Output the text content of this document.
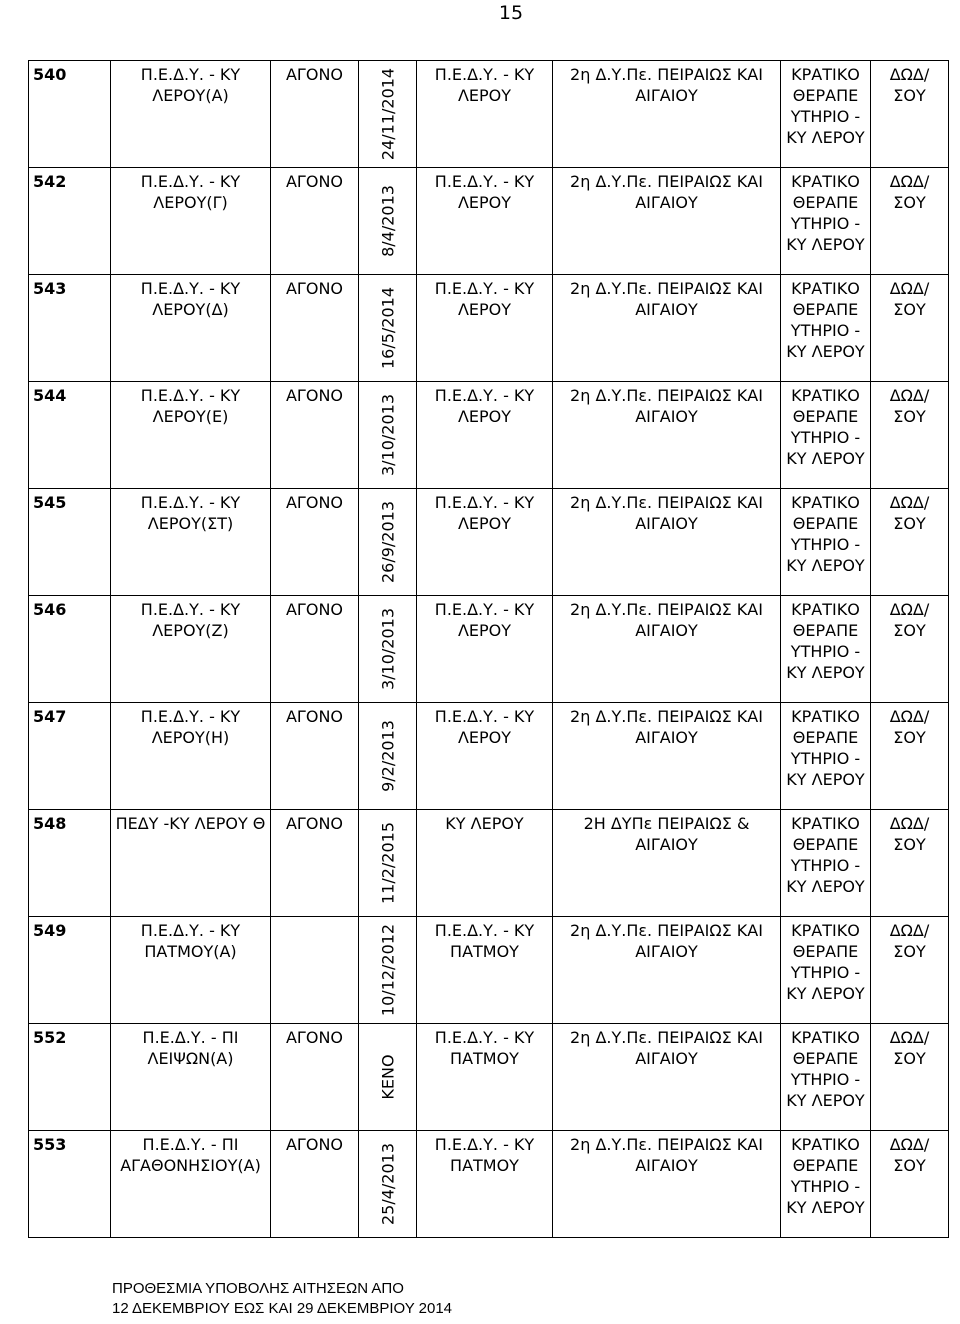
15
540	Π.Ε.Δ.Υ. - ΚΥ ΛΕΡΟΥ(Α)	ΑΓΟΝΟ	24/11/2014	Π.Ε.Δ.Υ. - ΚΥ ΛΕΡΟΥ	2η Δ.Υ.Πε. ΠΕΙΡΑΙΩΣ ΚΑΙ ΑΙΓΑΙΟΥ	ΚΡΑΤΙΚΟ ΘΕΡΑΠΕ ΥΤΗΡΙΟ - ΚΥ ΛΕΡΟΥ	ΔΩΔ/ΣΟΥ
542	Π.Ε.Δ.Υ. - ΚΥ ΛΕΡΟΥ(Γ)	ΑΓΟΝΟ	8/4/2013	Π.Ε.Δ.Υ. - ΚΥ ΛΕΡΟΥ	2η Δ.Υ.Πε. ΠΕΙΡΑΙΩΣ ΚΑΙ ΑΙΓΑΙΟΥ	ΚΡΑΤΙΚΟ ΘΕΡΑΠΕ ΥΤΗΡΙΟ - ΚΥ ΛΕΡΟΥ	ΔΩΔ/ΣΟΥ
543	Π.Ε.Δ.Υ. - ΚΥ ΛΕΡΟΥ(Δ)	ΑΓΟΝΟ	16/5/2014	Π.Ε.Δ.Υ. - ΚΥ ΛΕΡΟΥ	2η Δ.Υ.Πε. ΠΕΙΡΑΙΩΣ ΚΑΙ ΑΙΓΑΙΟΥ	ΚΡΑΤΙΚΟ ΘΕΡΑΠΕ ΥΤΗΡΙΟ - ΚΥ ΛΕΡΟΥ	ΔΩΔ/ΣΟΥ
544	Π.Ε.Δ.Υ. - ΚΥ ΛΕΡΟΥ(Ε)	ΑΓΟΝΟ	3/10/2013	Π.Ε.Δ.Υ. - ΚΥ ΛΕΡΟΥ	2η Δ.Υ.Πε. ΠΕΙΡΑΙΩΣ ΚΑΙ ΑΙΓΑΙΟΥ	ΚΡΑΤΙΚΟ ΘΕΡΑΠΕ ΥΤΗΡΙΟ - ΚΥ ΛΕΡΟΥ	ΔΩΔ/ΣΟΥ
545	Π.Ε.Δ.Υ. - ΚΥ ΛΕΡΟΥ(ΣΤ)	ΑΓΟΝΟ	26/9/2013	Π.Ε.Δ.Υ. - ΚΥ ΛΕΡΟΥ	2η Δ.Υ.Πε. ΠΕΙΡΑΙΩΣ ΚΑΙ ΑΙΓΑΙΟΥ	ΚΡΑΤΙΚΟ ΘΕΡΑΠΕ ΥΤΗΡΙΟ - ΚΥ ΛΕΡΟΥ	ΔΩΔ/ΣΟΥ
546	Π.Ε.Δ.Υ. - ΚΥ ΛΕΡΟΥ(Ζ)	ΑΓΟΝΟ	3/10/2013	Π.Ε.Δ.Υ. - ΚΥ ΛΕΡΟΥ	2η Δ.Υ.Πε. ΠΕΙΡΑΙΩΣ ΚΑΙ ΑΙΓΑΙΟΥ	ΚΡΑΤΙΚΟ ΘΕΡΑΠΕ ΥΤΗΡΙΟ - ΚΥ ΛΕΡΟΥ	ΔΩΔ/ΣΟΥ
547	Π.Ε.Δ.Υ. - ΚΥ ΛΕΡΟΥ(Η)	ΑΓΟΝΟ	9/2/2013	Π.Ε.Δ.Υ. - ΚΥ ΛΕΡΟΥ	2η Δ.Υ.Πε. ΠΕΙΡΑΙΩΣ ΚΑΙ ΑΙΓΑΙΟΥ	ΚΡΑΤΙΚΟ ΘΕΡΑΠΕ ΥΤΗΡΙΟ - ΚΥ ΛΕΡΟΥ	ΔΩΔ/ΣΟΥ
548	ΠΕΔΥ -ΚΥ ΛΕΡΟΥ Θ	ΑΓΟΝΟ	11/2/2015	ΚΥ ΛΕΡΟΥ	2Η ΔΥΠε ΠΕΙΡΑΙΩΣ & ΑΙΓΑΙΟΥ	ΚΡΑΤΙΚΟ ΘΕΡΑΠΕ ΥΤΗΡΙΟ - ΚΥ ΛΕΡΟΥ	ΔΩΔ/ΣΟΥ
549	Π.Ε.Δ.Υ. - ΚΥ ΠΑΤΜΟΥ(Α)		10/12/2012	Π.Ε.Δ.Υ. - ΚΥ ΠΑΤΜΟΥ	2η Δ.Υ.Πε. ΠΕΙΡΑΙΩΣ ΚΑΙ ΑΙΓΑΙΟΥ	ΚΡΑΤΙΚΟ ΘΕΡΑΠΕ ΥΤΗΡΙΟ - ΚΥ ΛΕΡΟΥ	ΔΩΔ/ΣΟΥ
552	Π.Ε.Δ.Υ. - ΠΙ ΛΕΙΨΩΝ(Α)	ΑΓΟΝΟ	ΚΕΝΟ	Π.Ε.Δ.Υ. - ΚΥ ΠΑΤΜΟΥ	2η Δ.Υ.Πε. ΠΕΙΡΑΙΩΣ ΚΑΙ ΑΙΓΑΙΟΥ	ΚΡΑΤΙΚΟ ΘΕΡΑΠΕ ΥΤΗΡΙΟ - ΚΥ ΛΕΡΟΥ	ΔΩΔ/ΣΟΥ
553	Π.Ε.Δ.Υ. - ΠΙ ΑΓΑΘΟΝΗΣΙΟΥ(Α)	ΑΓΟΝΟ	25/4/2013	Π.Ε.Δ.Υ. - ΚΥ ΠΑΤΜΟΥ	2η Δ.Υ.Πε. ΠΕΙΡΑΙΩΣ ΚΑΙ ΑΙΓΑΙΟΥ	ΚΡΑΤΙΚΟ ΘΕΡΑΠΕ ΥΤΗΡΙΟ - ΚΥ ΛΕΡΟΥ	ΔΩΔ/ΣΟΥ
ΠΡΟΘΕΣΜΙΑ ΥΠΟΒΟΛΗΣ ΑΙΤΗΣΕΩΝ ΑΠΟ
12 ΔΕΚΕΜΒΡΙΟΥ ΕΩΣ ΚΑΙ 29 ΔΕΚΕΜΒΡΙΟΥ 2014
